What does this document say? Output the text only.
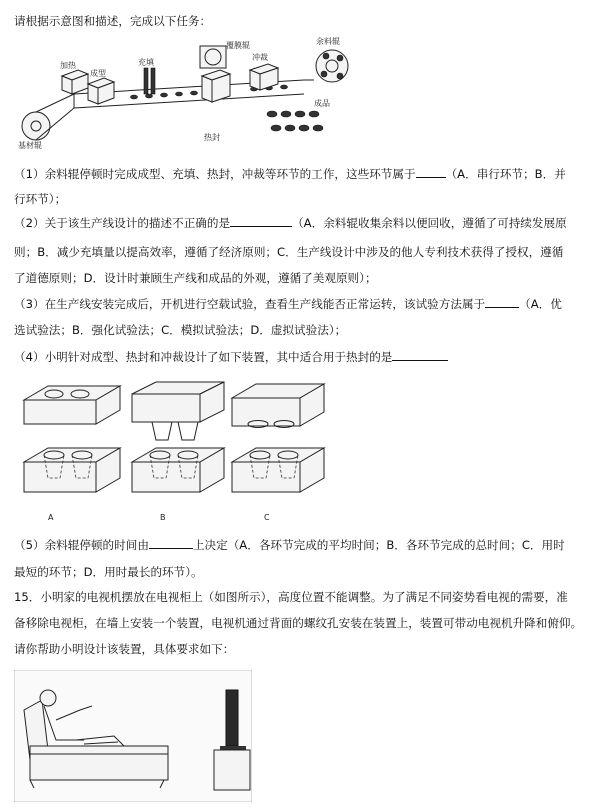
请根据示意图和描述，完成以下任务：
覆膜辊	余料辊
充填
加热
成型
冲裁
成品
热封
基材辊
（1）余料辊停顿时完成成型、充填、热封，冲裁等环节的工作，这些环节属于	（A．串行环节；B．并
行环节）；
（2）关于该生产线设计的描述不正确的是	（A．余料辊收集余料以便回收，遵循了可持续发展原
则；B．减少充填量以提高效率，遵循了经济原则；C．生产线设计中涉及的他人专利技术获得了授权，遵循
了道德原则；D．设计时兼顾生产线和成品的外观，遵循了美观原则）；
（3）在生产线安装完成后，开机进行空载试验，查看生产线能否正常运转，该试验方法属于	（A．优
选试验法；B．强化试验法；C．模拟试验法；D．虚拟试验法）；
（4）小明针对成型、热封和冲裁设计了如下装置，其中适合用于热封的是
A	B	C
（5）余料辊停顿的时间由	上决定（A．各环节完成的平均时间；B．各环节完成的总时间；C．用时
最短的环节；D．用时最长的环节）。
15．小明家的电视机摆放在电视柜上（如图所示），高度位置不能调整。为了满足不同姿势看电视的需要，准
备移除电视柜，在墙上安装一个装置，电视机通过背面的螺纹孔安装在装置上，装置可带动电视机升降和俯仰。
请你帮助小明设计该装置，具体要求如下：
